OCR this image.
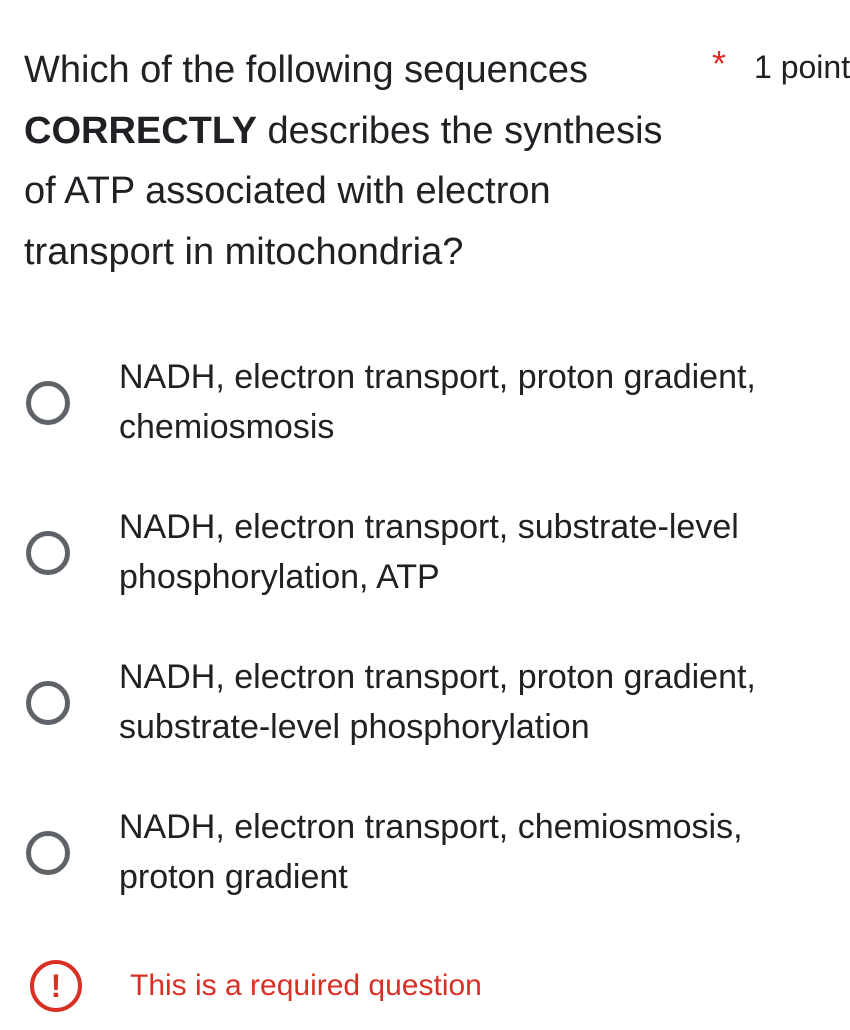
Which of the following sequences
CORRECTLY describes the synthesis of ATP associated with electron transport in mitochondria?
* 1 point
NADH, electron transport, proton gradient, chemiosmosis
NADH, electron transport, substrate-level phosphorylation, ATP
NADH, electron transport, proton gradient, substrate-level phosphorylation
NADH, electron transport, chemiosmosis, proton gradient
!	This is a required question
